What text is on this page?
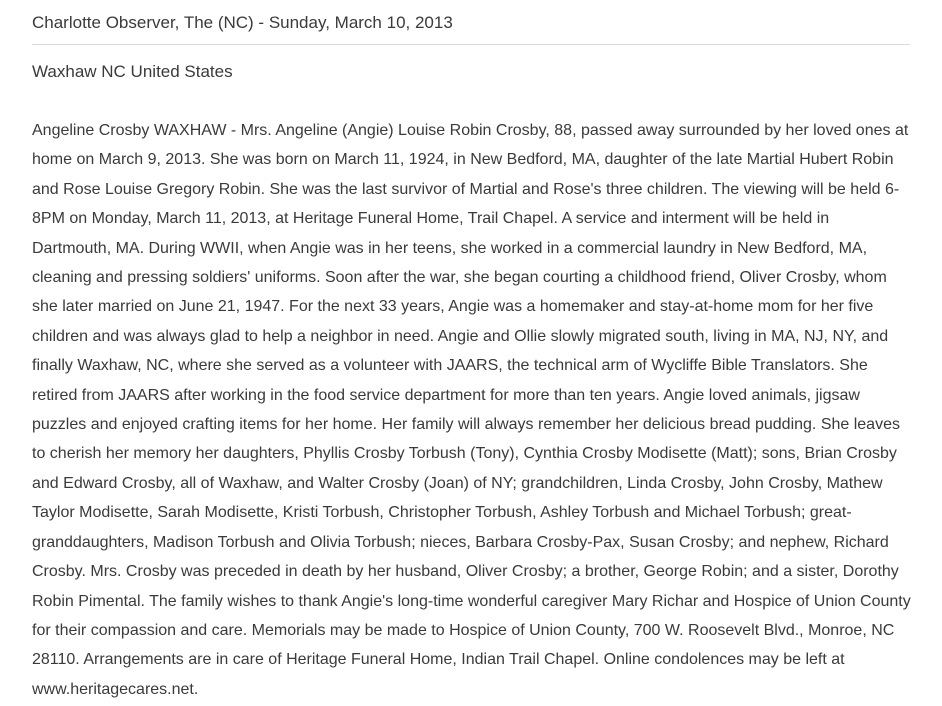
Charlotte Observer, The (NC) - Sunday, March 10, 2013
Waxhaw NC United States

Angeline Crosby WAXHAW - Mrs. Angeline (Angie) Louise Robin Crosby, 88, passed away surrounded by her loved ones at home on March 9, 2013. She was born on March 11, 1924, in New Bedford, MA, daughter of the late Martial Hubert Robin and Rose Louise Gregory Robin. She was the last survivor of Martial and Rose's three children. The viewing will be held 6-8PM on Monday, March 11, 2013, at Heritage Funeral Home, Trail Chapel. A service and interment will be held in Dartmouth, MA. During WWII, when Angie was in her teens, she worked in a commercial laundry in New Bedford, MA, cleaning and pressing soldiers' uniforms. Soon after the war, she began courting a childhood friend, Oliver Crosby, whom she later married on June 21, 1947. For the next 33 years, Angie was a homemaker and stay-at-home mom for her five children and was always glad to help a neighbor in need. Angie and Ollie slowly migrated south, living in MA, NJ, NY, and finally Waxhaw, NC, where she served as a volunteer with JAARS, the technical arm of Wycliffe Bible Translators. She retired from JAARS after working in the food service department for more than ten years. Angie loved animals, jigsaw puzzles and enjoyed crafting items for her home. Her family will always remember her delicious bread pudding. She leaves to cherish her memory her daughters, Phyllis Crosby Torbush (Tony), Cynthia Crosby Modisette (Matt); sons, Brian Crosby and Edward Crosby, all of Waxhaw, and Walter Crosby (Joan) of NY; grandchildren, Linda Crosby, John Crosby, Mathew Taylor Modisette, Sarah Modisette, Kristi Torbush, Christopher Torbush, Ashley Torbush and Michael Torbush; great-granddaughters, Madison Torbush and Olivia Torbush; nieces, Barbara Crosby-Pax, Susan Crosby; and nephew, Richard Crosby. Mrs. Crosby was preceded in death by her husband, Oliver Crosby; a brother, George Robin; and a sister, Dorothy Robin Pimental. The family wishes to thank Angie's long-time wonderful caregiver Mary Richar and Hospice of Union County for their compassion and care. Memorials may be made to Hospice of Union County, 700 W. Roosevelt Blvd., Monroe, NC 28110. Arrangements are in care of Heritage Funeral Home, Indian Trail Chapel. Online condolences may be left at www.heritagecares.net.
